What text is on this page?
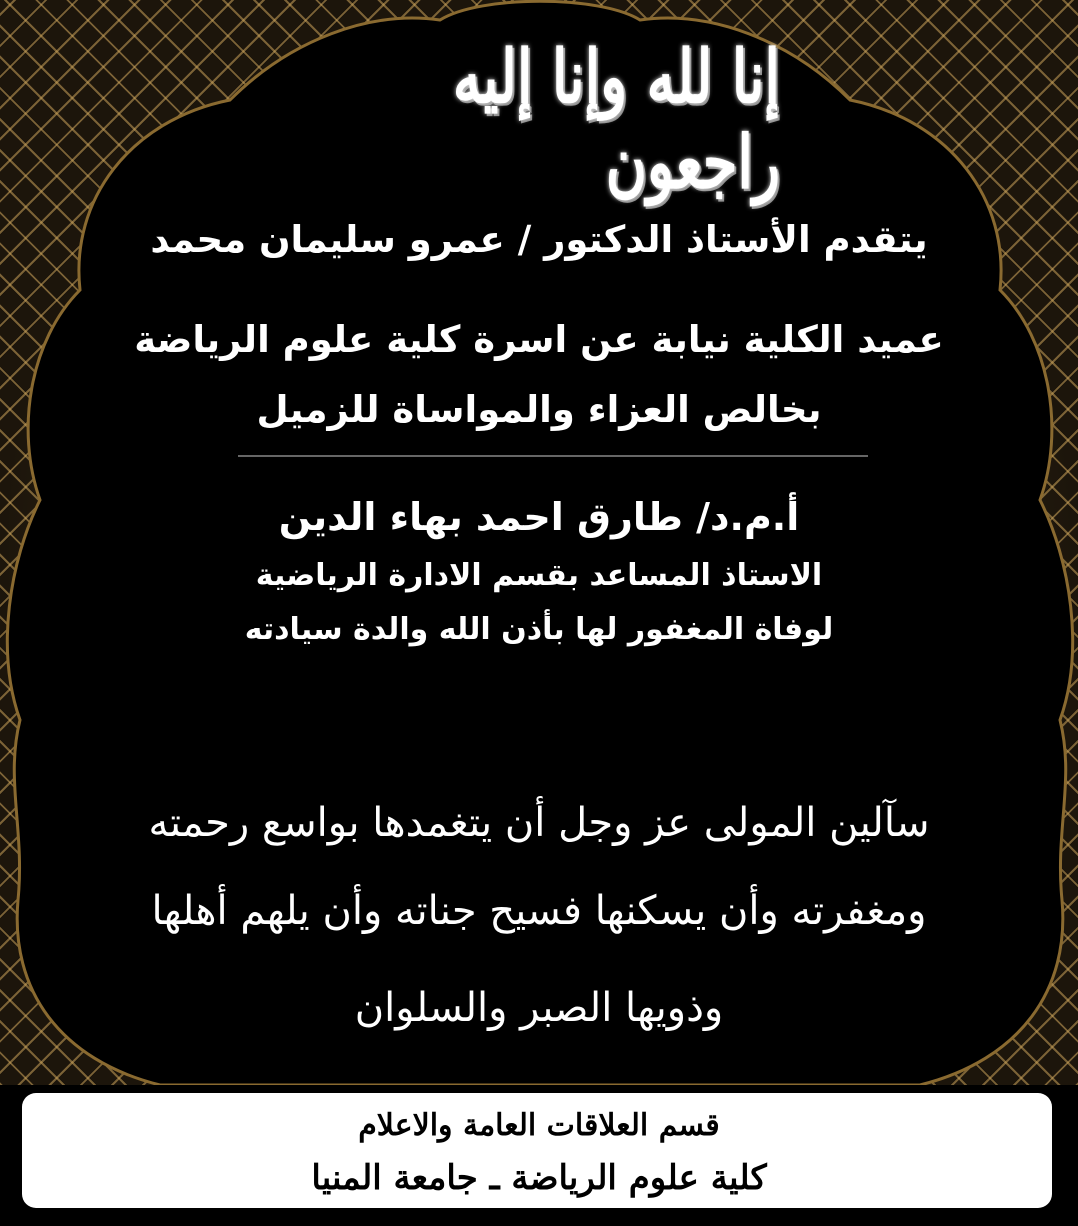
إنا لله وإنا إليه راجعون
يتقدم الأستاذ الدكتور / عمرو سليمان محمد
عميد الكلية نيابة عن اسرة كلية علوم الرياضة
بخالص العزاء والمواساة للزميل
أ.م.د/ طارق احمد بهاء الدين
الاستاذ المساعد بقسم الادارة الرياضية
لوفاة المغفور لها بأذن الله والدة سيادته
سآلين المولى عز وجل أن يتغمدها بواسع رحمته
ومغفرته وأن يسكنها فسيح جناته وأن يلهم أهلها
وذويها الصبر والسلوان
قسم العلاقات العامة والاعلام
كلية علوم الرياضة ـ جامعة المنيا
